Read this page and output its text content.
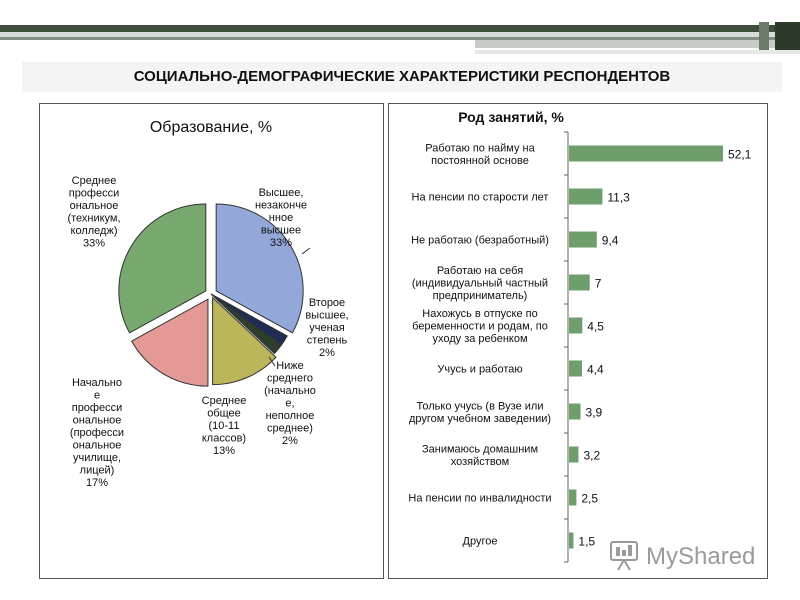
СОЦИАЛЬНО-ДЕМОГРАФИЧЕСКИЕ ХАРАКТЕРИСТИКИ РЕСПОНДЕНТОВ
Образование, %
Высшее, незаконче нное высшее 33%
Второе высшее, ученая степень 2%
Ниже среднего (начально е, неполное среднее) 2%
Среднее общее (10-11 классов) 13%
Начально е професси ональное (професси ональное училище, лицей) 17%
Среднее професси ональное (техникум, колледж) 33%
Род занятий, %
Работаю по найму на постоянной основе
На пенсии по старости лет
Не работаю (безработный)
Работаю на себя (индивидуальный частный предприниматель)
Нахожусь в отпуске по беременности и родам, по уходу за ребенком
Учусь и работаю
Только учусь (в Вузе или другом учебном заведении)
Занимаюсь домашним хозяйством
На пенсии по инвалидности
Другое
52,1
11,3
9,4
7
4,5
4,4
3,9
3,2
2,5
1,5
MyShared
